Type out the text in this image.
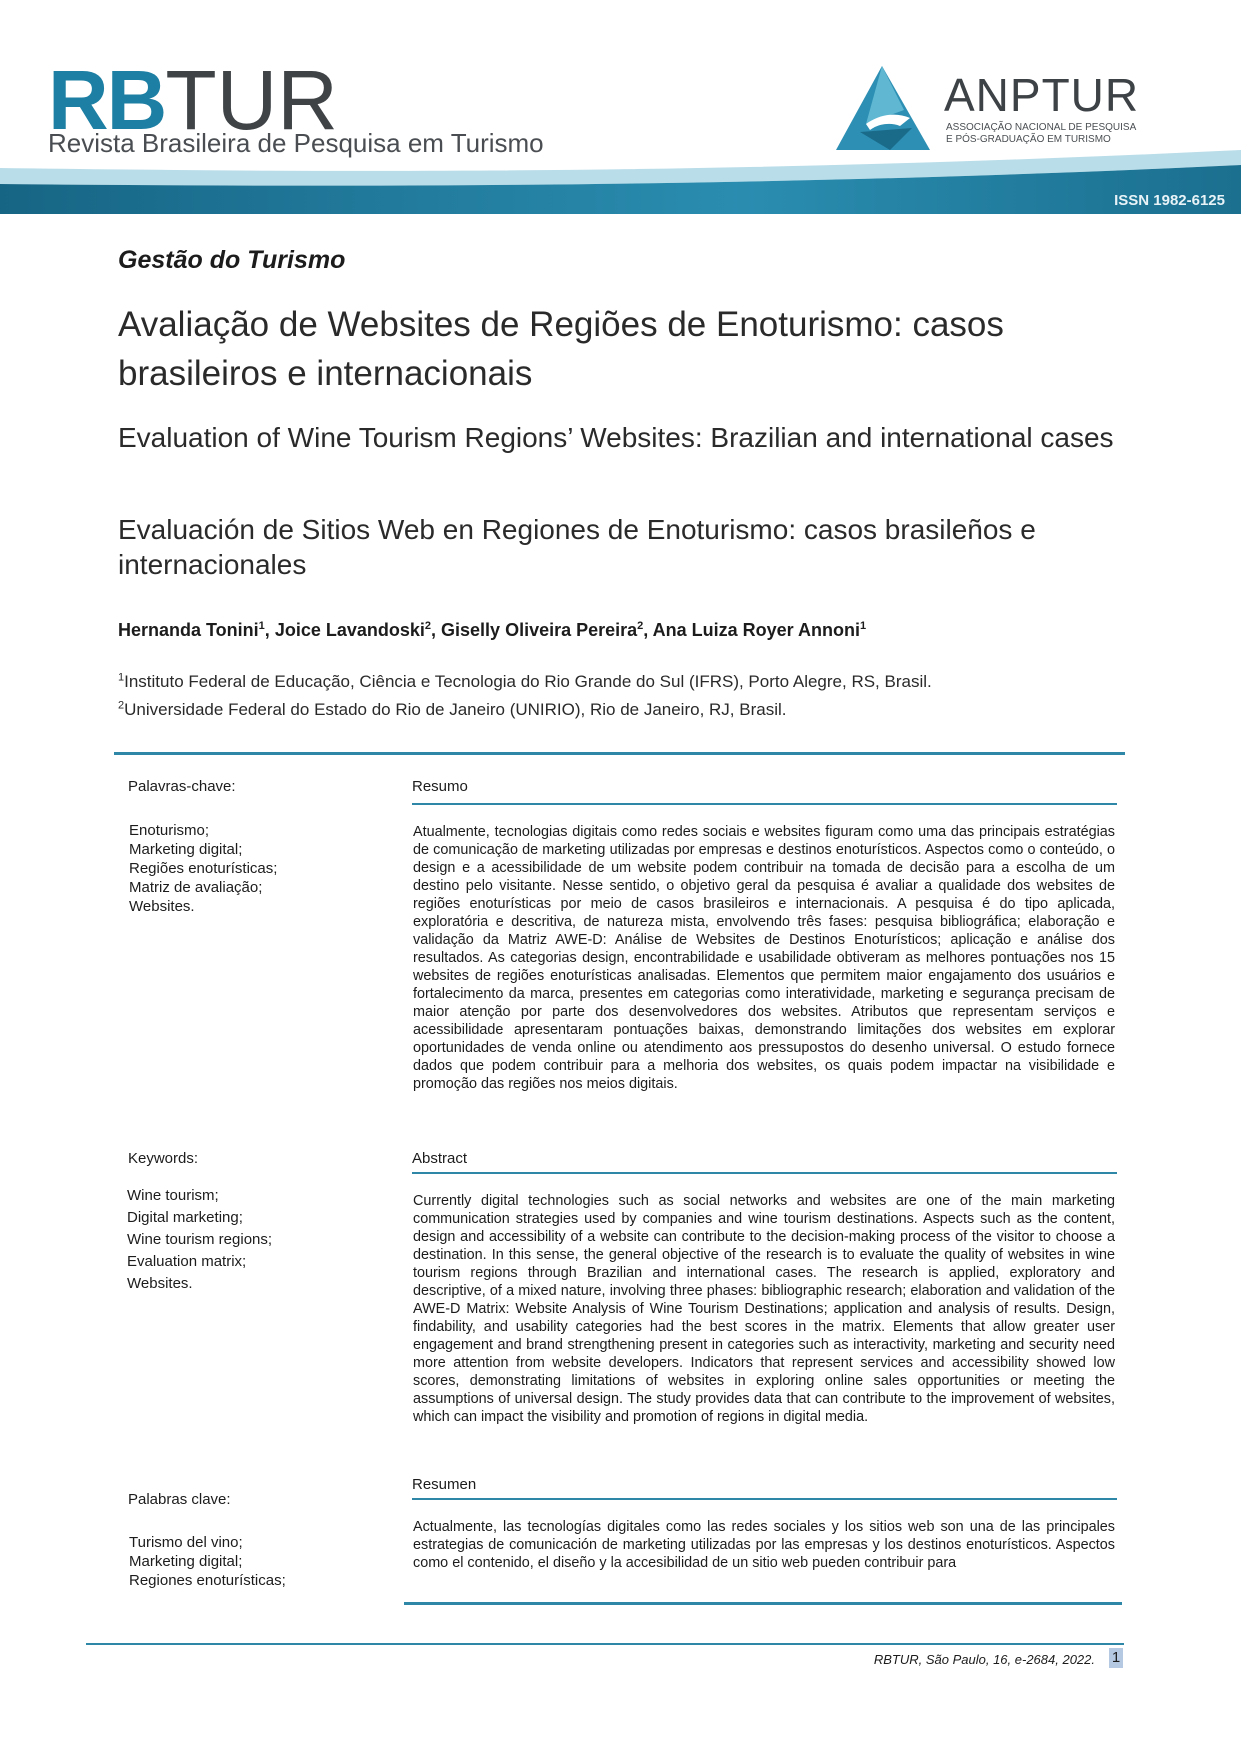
RBTUR
Revista Brasileira de Pesquisa em Turismo
ANPTUR
ASSOCIAÇÃO NACIONAL DE PESQUISA
E PÓS-GRADUAÇÃO EM TURISMO
ISSN 1982-6125
Gestão do Turismo
Avaliação de Websites de Regiões de Enoturismo: casos brasileiros e internacionais
Evaluation of Wine Tourism Regions’ Websites: Brazilian and international cases
Evaluación de Sitios Web en Regiones de Enoturismo: casos brasileños e internacionales
Hernanda Tonini$^1$, Joice Lavandoski$^2$, Giselly Oliveira Pereira$^2$, Ana Luiza Royer Annoni$^1$
$^1$Instituto Federal de Educação, Ciência e Tecnologia do Rio Grande do Sul (IFRS), Porto Alegre, RS, Brasil.
$^2$Universidade Federal do Estado do Rio de Janeiro (UNIRIO), Rio de Janeiro, RJ, Brasil.
Palavras-chave:
Enoturismo;
Marketing digital;
Regiões enoturísticas;
Matriz de avaliação;
Websites.
Resumo

Atualmente, tecnologias digitais como redes sociais e websites figuram como uma das principais estratégias de comunicação de marketing utilizadas por empresas e destinos enoturísticos. Aspectos como o conteúdo, o design e a acessibilidade de um website podem contribuir na tomada de decisão para a escolha de um destino pelo visitante. Nesse sentido, o objetivo geral da pesquisa é avaliar a qualidade dos websites de regiões enoturísticas por meio de casos brasileiros e internacionais. A pesquisa é do tipo aplicada, exploratória e descritiva, de natureza mista, envolvendo três fases: pesquisa bibliográfica; elaboração e validação da Matriz AWE-D: Análise de Websites de Destinos Enoturísticos; aplicação e análise dos resultados. As categorias design, encontrabilidade e usabilidade obtiveram as melhores pontuações nos 15 websites de regiões enoturísticas analisadas. Elementos que permitem maior engajamento dos usuários e fortalecimento da marca, presentes em categorias como interatividade, marketing e segurança precisam de maior atenção por parte dos desenvolvedores dos websites. Atributos que representam serviços e acessibilidade apresentaram pontuações baixas, demonstrando limitações dos websites em explorar oportunidades de venda online ou atendimento aos pressupostos do desenho universal. O estudo fornece dados que podem contribuir para a melhoria dos websites, os quais podem impactar na visibilidade e promoção das regiões nos meios digitais.

Keywords:
Wine tourism;
Digital marketing;
Wine tourism regions;
Evaluation matrix;
Websites.
Abstract

Currently digital technologies such as social networks and websites are one of the main marketing communication strategies used by companies and wine tourism destinations. Aspects such as the content, design and accessibility of a website can contribute to the decision-making process of the visitor to choose a destination. In this sense, the general objective of the research is to evaluate the quality of websites in wine tourism regions through Brazilian and international cases. The research is applied, exploratory and descriptive, of a mixed nature, involving three phases: bibliographic research; elaboration and validation of the AWE-D Matrix: Website Analysis of Wine Tourism Destinations; application and analysis of results. Design, findability, and usability categories had the best scores in the matrix. Elements that allow greater user engagement and brand strengthening present in categories such as interactivity, marketing and security need more attention from website developers. Indicators that represent services and accessibility showed low scores, demonstrating limitations of websites in exploring online sales opportunities or meeting the assumptions of universal design. The study provides data that can contribute to the improvement of websites, which can impact the visibility and promotion of regions in digital media.

Palabras clave:
Turismo del vino;
Marketing digital;
Regiones enoturísticas;
Resumen

Actualmente, las tecnologías digitales como las redes sociales y los sitios web son una de las principales estrategias de comunicación de marketing utilizadas por las empresas y los destinos enoturísticos. Aspectos como el contenido, el diseño y la accesibilidad de un sitio web pueden contribuir para

RBTUR, São Paulo, 16, e-2684, 2022. 1
